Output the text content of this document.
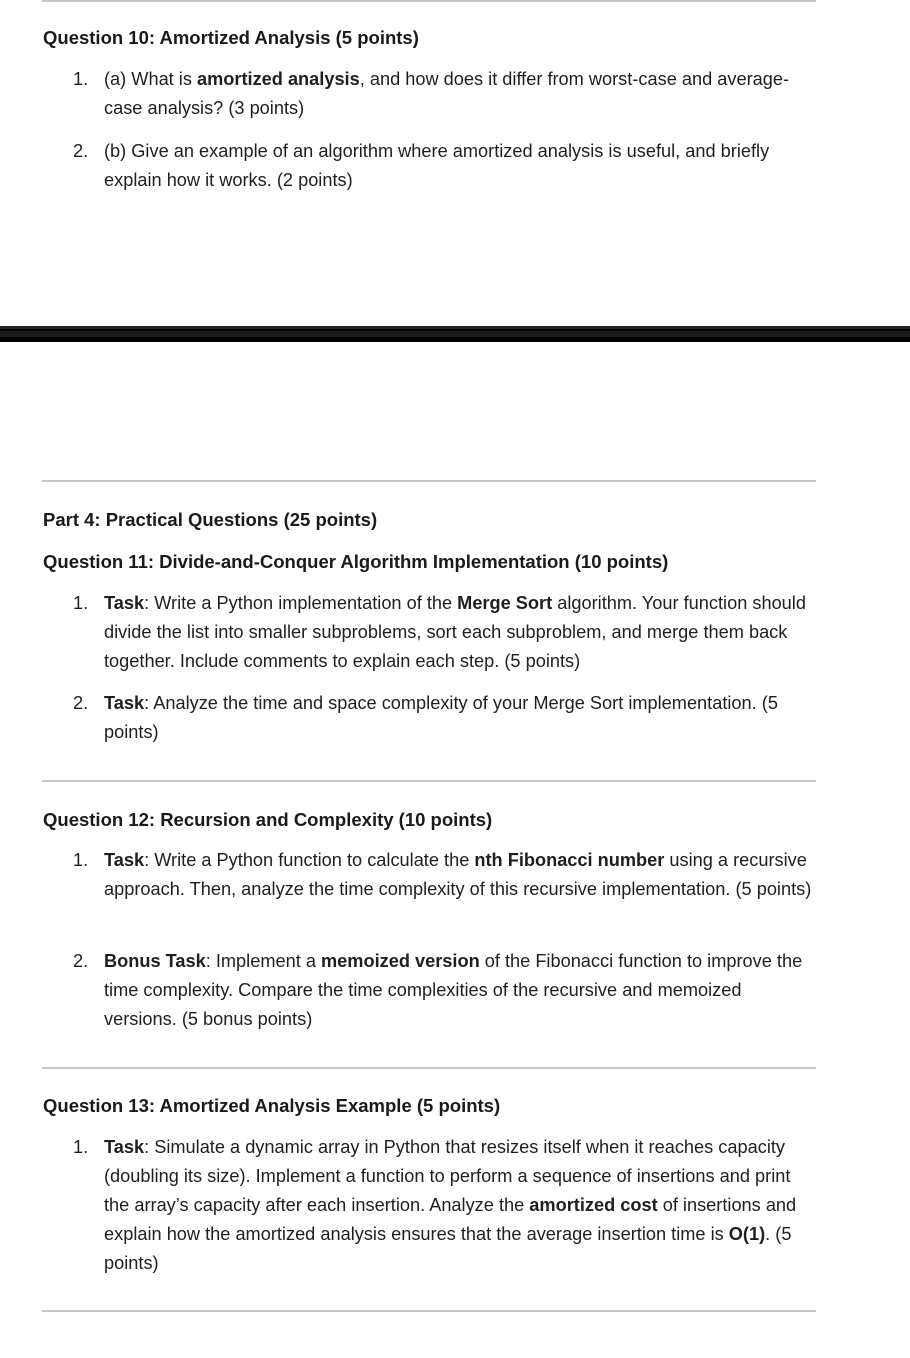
Question 10: Amortized Analysis (5 points)
1. (a) What is amortized analysis, and how does it differ from worst-case and average-case analysis? (3 points)
2. (b) Give an example of an algorithm where amortized analysis is useful, and briefly explain how it works. (2 points)
Part 4: Practical Questions (25 points)
Question 11: Divide-and-Conquer Algorithm Implementation (10 points)
1. Task: Write a Python implementation of the Merge Sort algorithm. Your function should divide the list into smaller subproblems, sort each subproblem, and merge them back together. Include comments to explain each step. (5 points)
2. Task: Analyze the time and space complexity of your Merge Sort implementation. (5 points)
Question 12: Recursion and Complexity (10 points)
1. Task: Write a Python function to calculate the nth Fibonacci number using a recursive approach. Then, analyze the time complexity of this recursive implementation. (5 points)
2. Bonus Task: Implement a memoized version of the Fibonacci function to improve the time complexity. Compare the time complexities of the recursive and memoized versions. (5 bonus points)
Question 13: Amortized Analysis Example (5 points)
1. Task: Simulate a dynamic array in Python that resizes itself when it reaches capacity (doubling its size). Implement a function to perform a sequence of insertions and print the array’s capacity after each insertion. Analyze the amortized cost of insertions and explain how the amortized analysis ensures that the average insertion time is O(1). (5 points)
